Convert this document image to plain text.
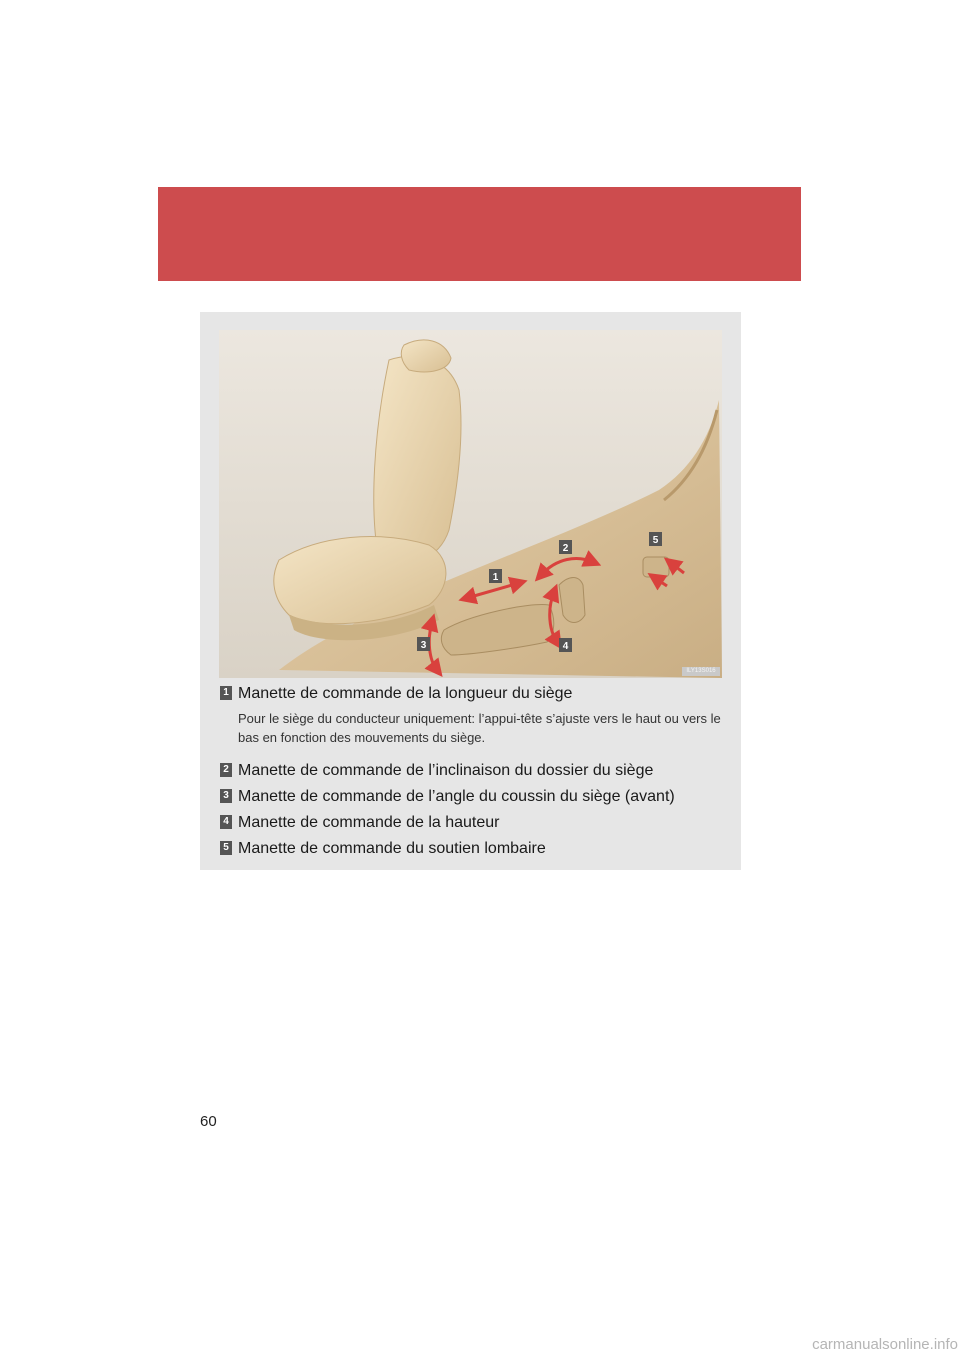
1
2
3	4
5
ILY13S016
1 Manette de commande de la longueur du siège
Pour le siège du conducteur uniquement: l’appui-tête s’ajuste vers le haut ou vers le bas en fonction des mouvements du siège.
2 Manette de commande de l’inclinaison du dossier du siège
3 Manette de commande de l’angle du coussin du siège (avant)
4 Manette de commande de la hauteur
5 Manette de commande du soutien lombaire
60
carmanualsonline.info
